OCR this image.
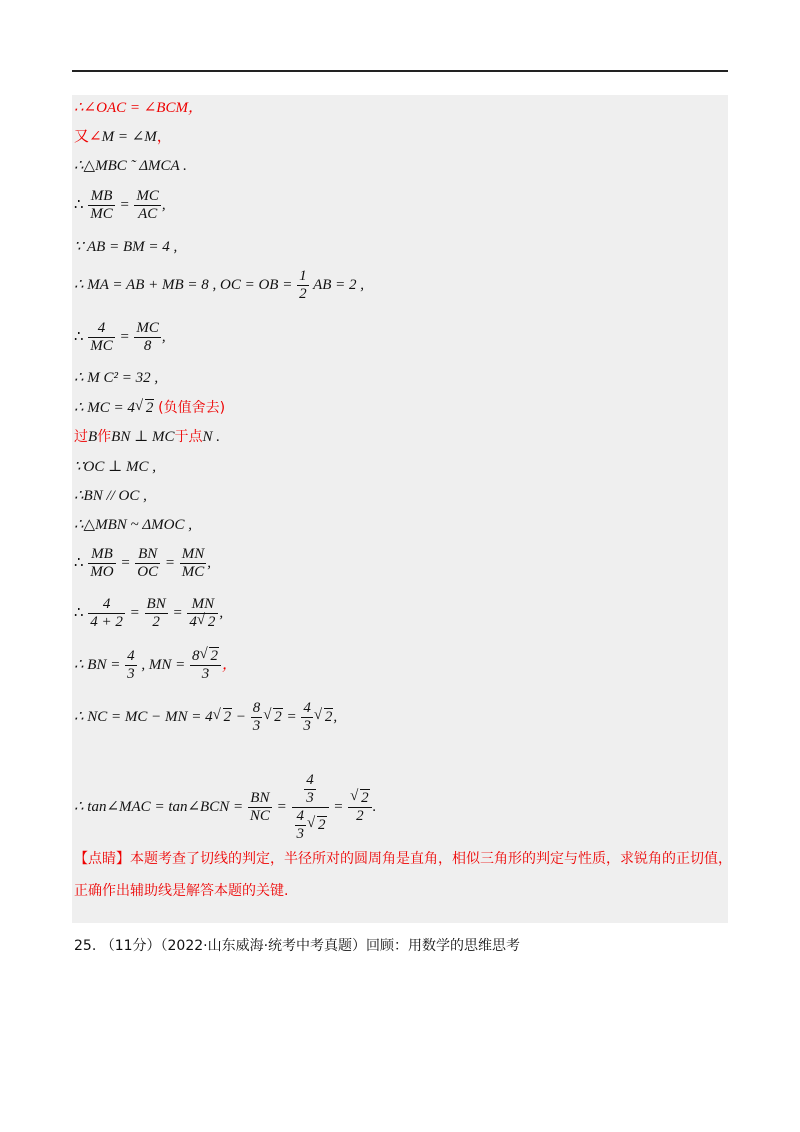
∴∠OAC = ∠BCM，
又∠M = ∠M，
∴△MBC ˜ ΔMCA .
∴ $\frac{MB}{MC} = \frac{MC}{AC}$ ,
∵ AB = BM = 4 ,
∴ MA = AB + MB = 8 , OC = OB = $\frac{1}{2}$ AB = 2 ,
∴ $\frac{4}{MC} = \frac{MC}{8}$ ,
∴ M C² = 32 ,
∴ MC = 4√ 2 (负值舍去)
过B作BN ⊥ MC于点N .
∵OC ⊥ MC ,
∴BN // OC ,
∴△MBN ~ ΔMOC ,
∴ $\frac{MB}{MO} = \frac{BN}{OC} = \frac{MN}{MC}$ ,
∴ $\frac{4}{4 + 2} = \frac{BN}{2} = \frac{MN}{4√ 2}$ ,
∴ BN = $\frac{4}{3}$ , MN = $\frac{8√ 2}{3}$ ，
∴ NC = MC − MN = 4√ $2 - \frac{8}{3}$
√ $2 = \frac{4}{3}$
√ 2,
∴ tan∠MAC = tan∠BCN = $\frac{BN}{NC} = \frac{4}{3}$
$\frac{4}{3}$
√ 2 =
√ $\frac{2}{2}$ .
【点睛】本题考查了切线的判定，半径所对的圆周角是直角，相似三角形的判定与性质，求锐角的正切值，正确作出辅助线是解答本题的关键.
25. （11分）（2022·山东威海·统考中考真题）回顾：用数学的思维思考
